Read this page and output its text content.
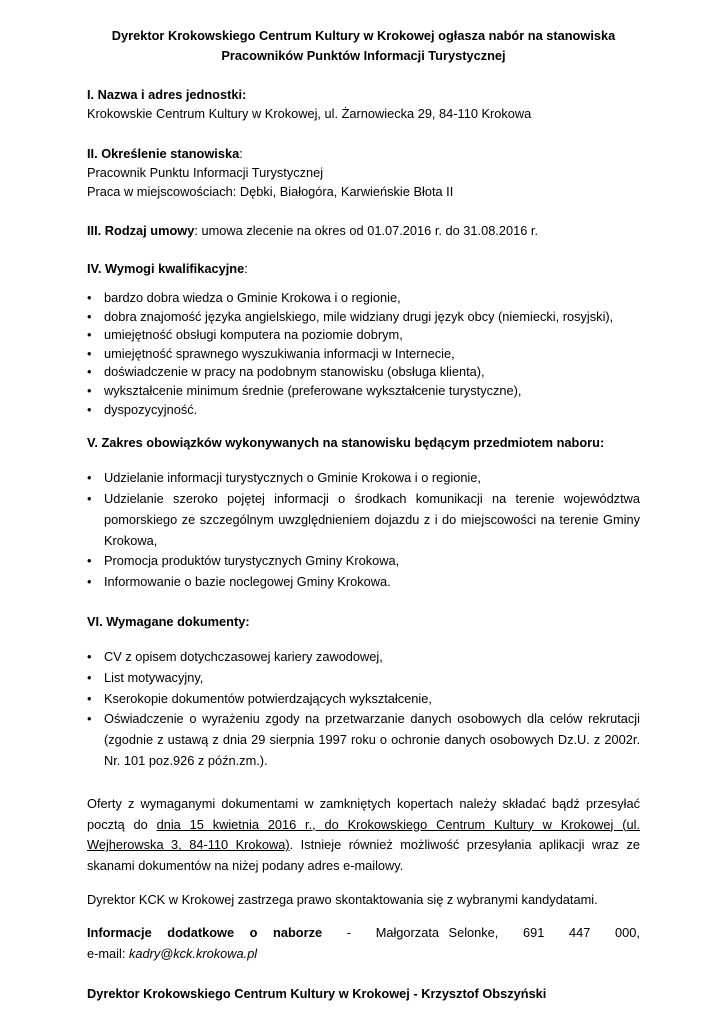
Dyrektor Krokowskiego Centrum Kultury w Krokowej ogłasza nabór na stanowiska
Pracowników Punktów Informacji Turystycznej

I. Nazwa i adres jednostki:

Krokowskie Centrum Kultury w Krokowej, ul. Żarnowiecka 29, 84-110 Krokowa

II. Określenie stanowiska:

Pracownik Punktu Informacji Turystycznej

Praca w miejscowościach: Dębki, Białogóra, Karwieńskie Błota II

III. Rodzaj umowy: umowa zlecenie na okres od 01.07.2016 r. do 31.08.2016 r.

IV. Wymogi kwalifikacyjne:

•
bardzo dobra wiedza o Gminie Krokowa i o regionie,
•
dobra znajomość języka angielskiego, mile widziany drugi język obcy (niemiecki, rosyjski),
•
umiejętność obsługi komputera na poziomie dobrym,
•
umiejętność sprawnego wyszukiwania informacji w Internecie,
•
doświadczenie w pracy na podobnym stanowisku (obsługa klienta),
•
wykształcenie minimum średnie (preferowane wykształcenie turystyczne),
•
dyspozycyjność.

V. Zakres obowiązków wykonywanych na stanowisku będącym przedmiotem naboru:

•
Udzielanie informacji turystycznych o Gminie Krokowa i o regionie,
•
Udzielanie szeroko pojętej informacji o środkach komunikacji na terenie województwa pomorskiego ze szczególnym uwzględnieniem dojazdu z i do miejscowości na terenie Gminy Krokowa,
•
Promocja produktów turystycznych Gminy Krokowa,
•
Informowanie o bazie noclegowej Gminy Krokowa.

VI. Wymagane dokumenty:

•
CV z opisem dotychczasowej kariery zawodowej,
•
List motywacyjny,
•
Kserokopie dokumentów potwierdzających wykształcenie,
•
Oświadczenie o wyrażeniu zgody na przetwarzanie danych osobowych dla celów rekrutacji (zgodnie z ustawą z dnia 29 sierpnia 1997 roku o ochronie danych osobowych Dz.U. z 2002r. Nr. 101 poz.926 z późn.zm.).

Oferty z wymaganymi dokumentami w zamkniętych kopertach należy składać bądź przesyłać pocztą do dnia 15 kwietnia 2016 r., do Krokowskiego Centrum Kultury w Krokowej (ul. Wejherowska 3, 84-110 Krokowa). Istnieje również możliwość przesyłania aplikacji wraz ze skanami dokumentów na niżej podany adres e-mailowy.

Dyrektor KCK w Krokowej zastrzega prawo skontaktowania się z wybranymi kandydatami.

Informacje dodatkowe o naborze - Małgorzata Selonke, 691 447 000,
e-mail: kadry@kck.krokowa.pl

Dyrektor Krokowskiego Centrum Kultury w Krokowej - Krzysztof Obszyński
